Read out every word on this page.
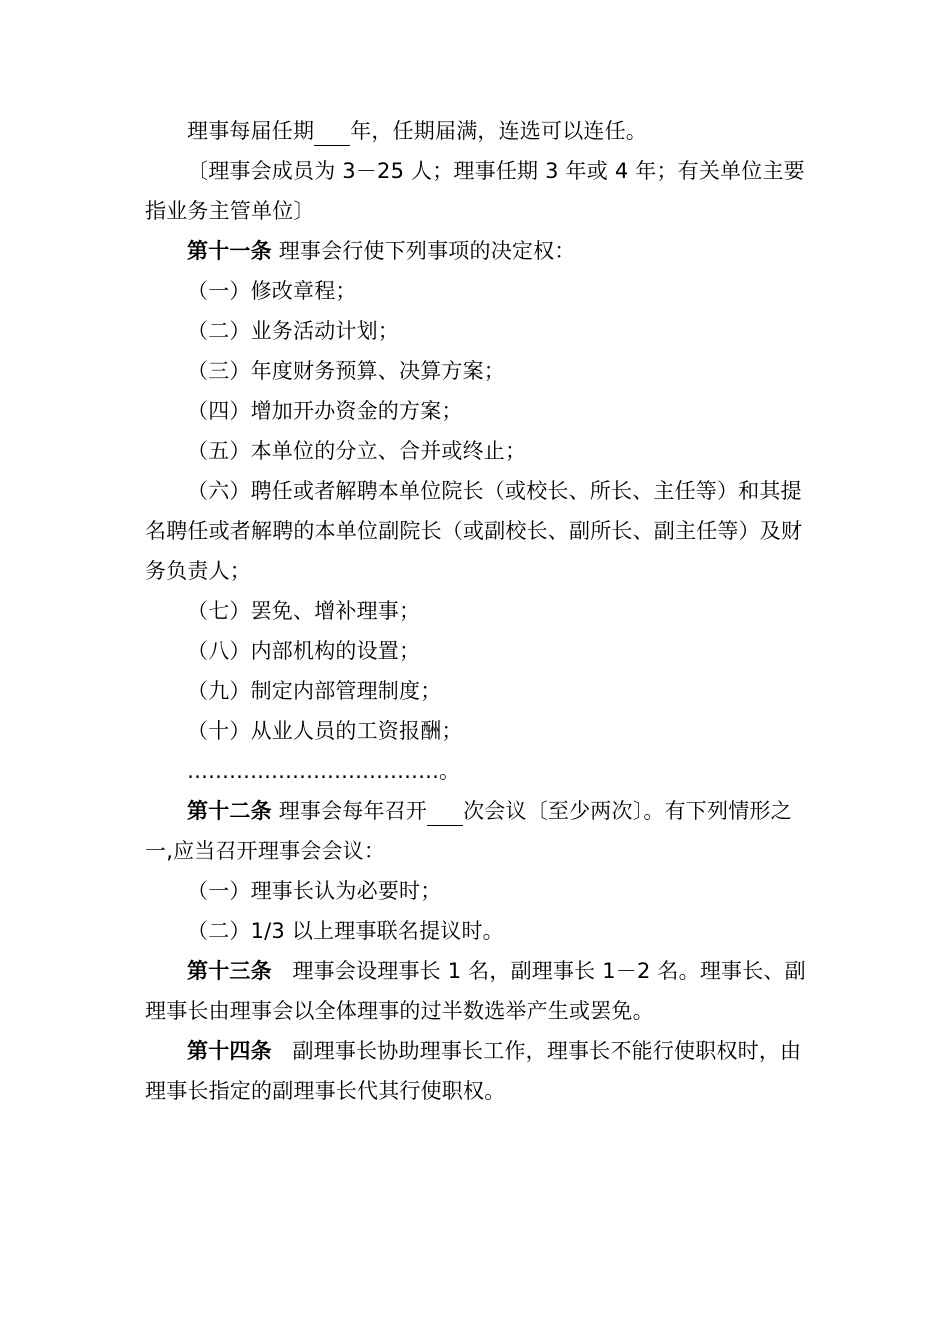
理事每届任期 年，任期届满，连选可以连任。

〔理事会成员为 3－25 人；理事任期 3 年或 4 年；有关单位主要指业务主管单位〕

第十一条 理事会行使下列事项的决定权：

（一）修改章程；

（二）业务活动计划；

（三）年度财务预算、决算方案；

（四）增加开办资金的方案；

（五）本单位的分立、合并或终止；

（六）聘任或者解聘本单位院长（或校长、所长、主任等）和其提名聘任或者解聘的本单位副院长（或副校长、副所长、副主任等）及财务负责人；

（七）罢免、增补理事；

（八）内部机构的设置；

（九）制定内部管理制度；

（十）从业人员的工资报酬；

………………………………。

第十二条 理事会每年召开 次会议〔至少两次〕。有下列情形之一,应当召开理事会会议：

（一）理事长认为必要时；

（二）1/3 以上理事联名提议时。

第十三条 理事会设理事长 1 名，副理事长 1－2 名。理事长、副理事长由理事会以全体理事的过半数选举产生或罢免。

第十四条 副理事长协助理事长工作，理事长不能行使职权时，由理事长指定的副理事长代其行使职权。
